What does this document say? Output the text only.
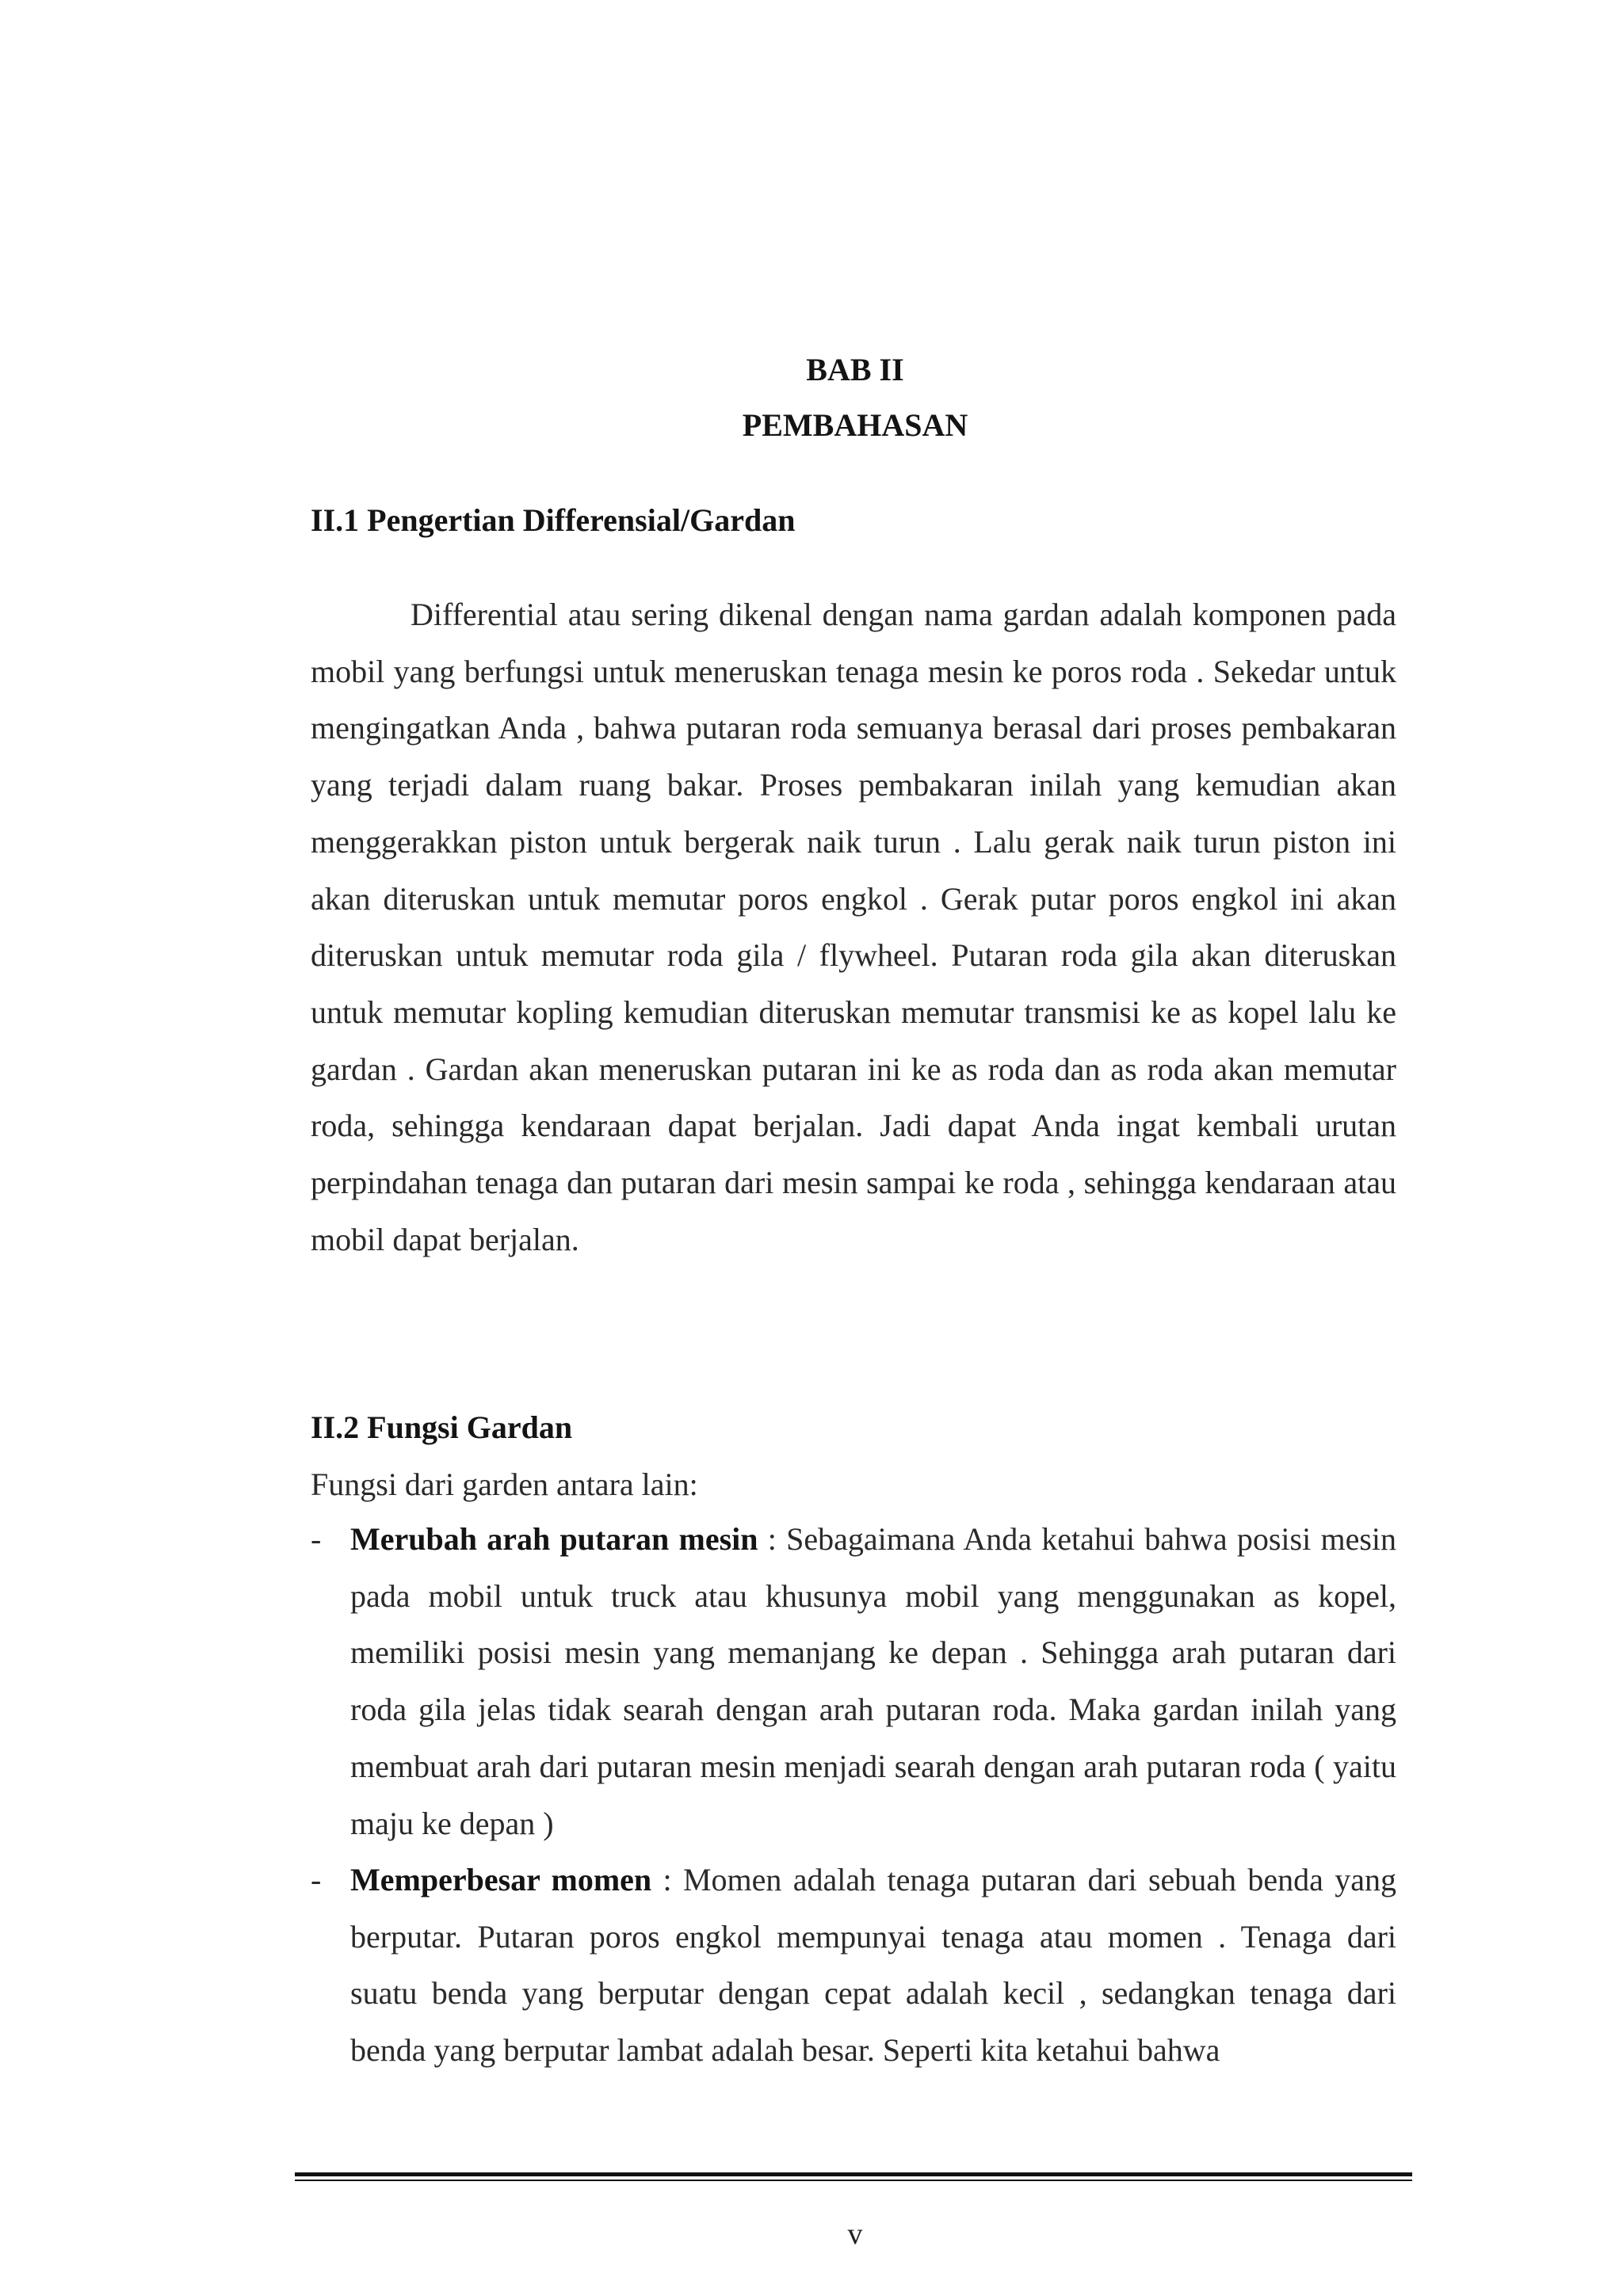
BAB II
PEMBAHASAN
II.1 Pengertian Differensial/Gardan

Differential atau sering dikenal dengan nama gardan adalah komponen pada mobil yang berfungsi untuk meneruskan tenaga mesin ke poros roda . Sekedar untuk mengingatkan Anda , bahwa putaran roda semuanya berasal dari proses pembakaran yang terjadi dalam ruang bakar. Proses pembakaran inilah yang kemudian akan menggerakkan piston untuk bergerak naik turun . Lalu gerak naik turun piston ini akan diteruskan untuk memutar poros engkol . Gerak putar poros engkol ini akan diteruskan untuk memutar roda gila / flywheel. Putaran roda gila akan diteruskan untuk memutar kopling kemudian diteruskan memutar transmisi ke as kopel lalu ke gardan . Gardan akan meneruskan putaran ini ke as roda dan as roda akan memutar roda, sehingga kendaraan dapat berjalan. Jadi dapat Anda ingat kembali urutan perpindahan tenaga dan putaran dari mesin sampai ke roda , sehingga kendaraan atau mobil dapat berjalan.

II.2 Fungsi Gardan
Fungsi dari garden antara lain:
- Merubah arah putaran mesin : Sebagaimana Anda ketahui bahwa posisi mesin pada mobil untuk truck atau khusunya mobil yang menggunakan as kopel, memiliki posisi mesin yang memanjang ke depan . Sehingga arah putaran dari roda gila jelas tidak searah dengan arah putaran roda. Maka gardan inilah yang membuat arah dari putaran mesin menjadi searah dengan arah putaran roda ( yaitu maju ke depan )
- Memperbesar momen : Momen adalah tenaga putaran dari sebuah benda yang berputar. Putaran poros engkol mempunyai tenaga atau momen . Tenaga dari suatu benda yang berputar dengan cepat adalah kecil , sedangkan tenaga dari benda yang berputar lambat adalah besar. Seperti kita ketahui bahwa
v
